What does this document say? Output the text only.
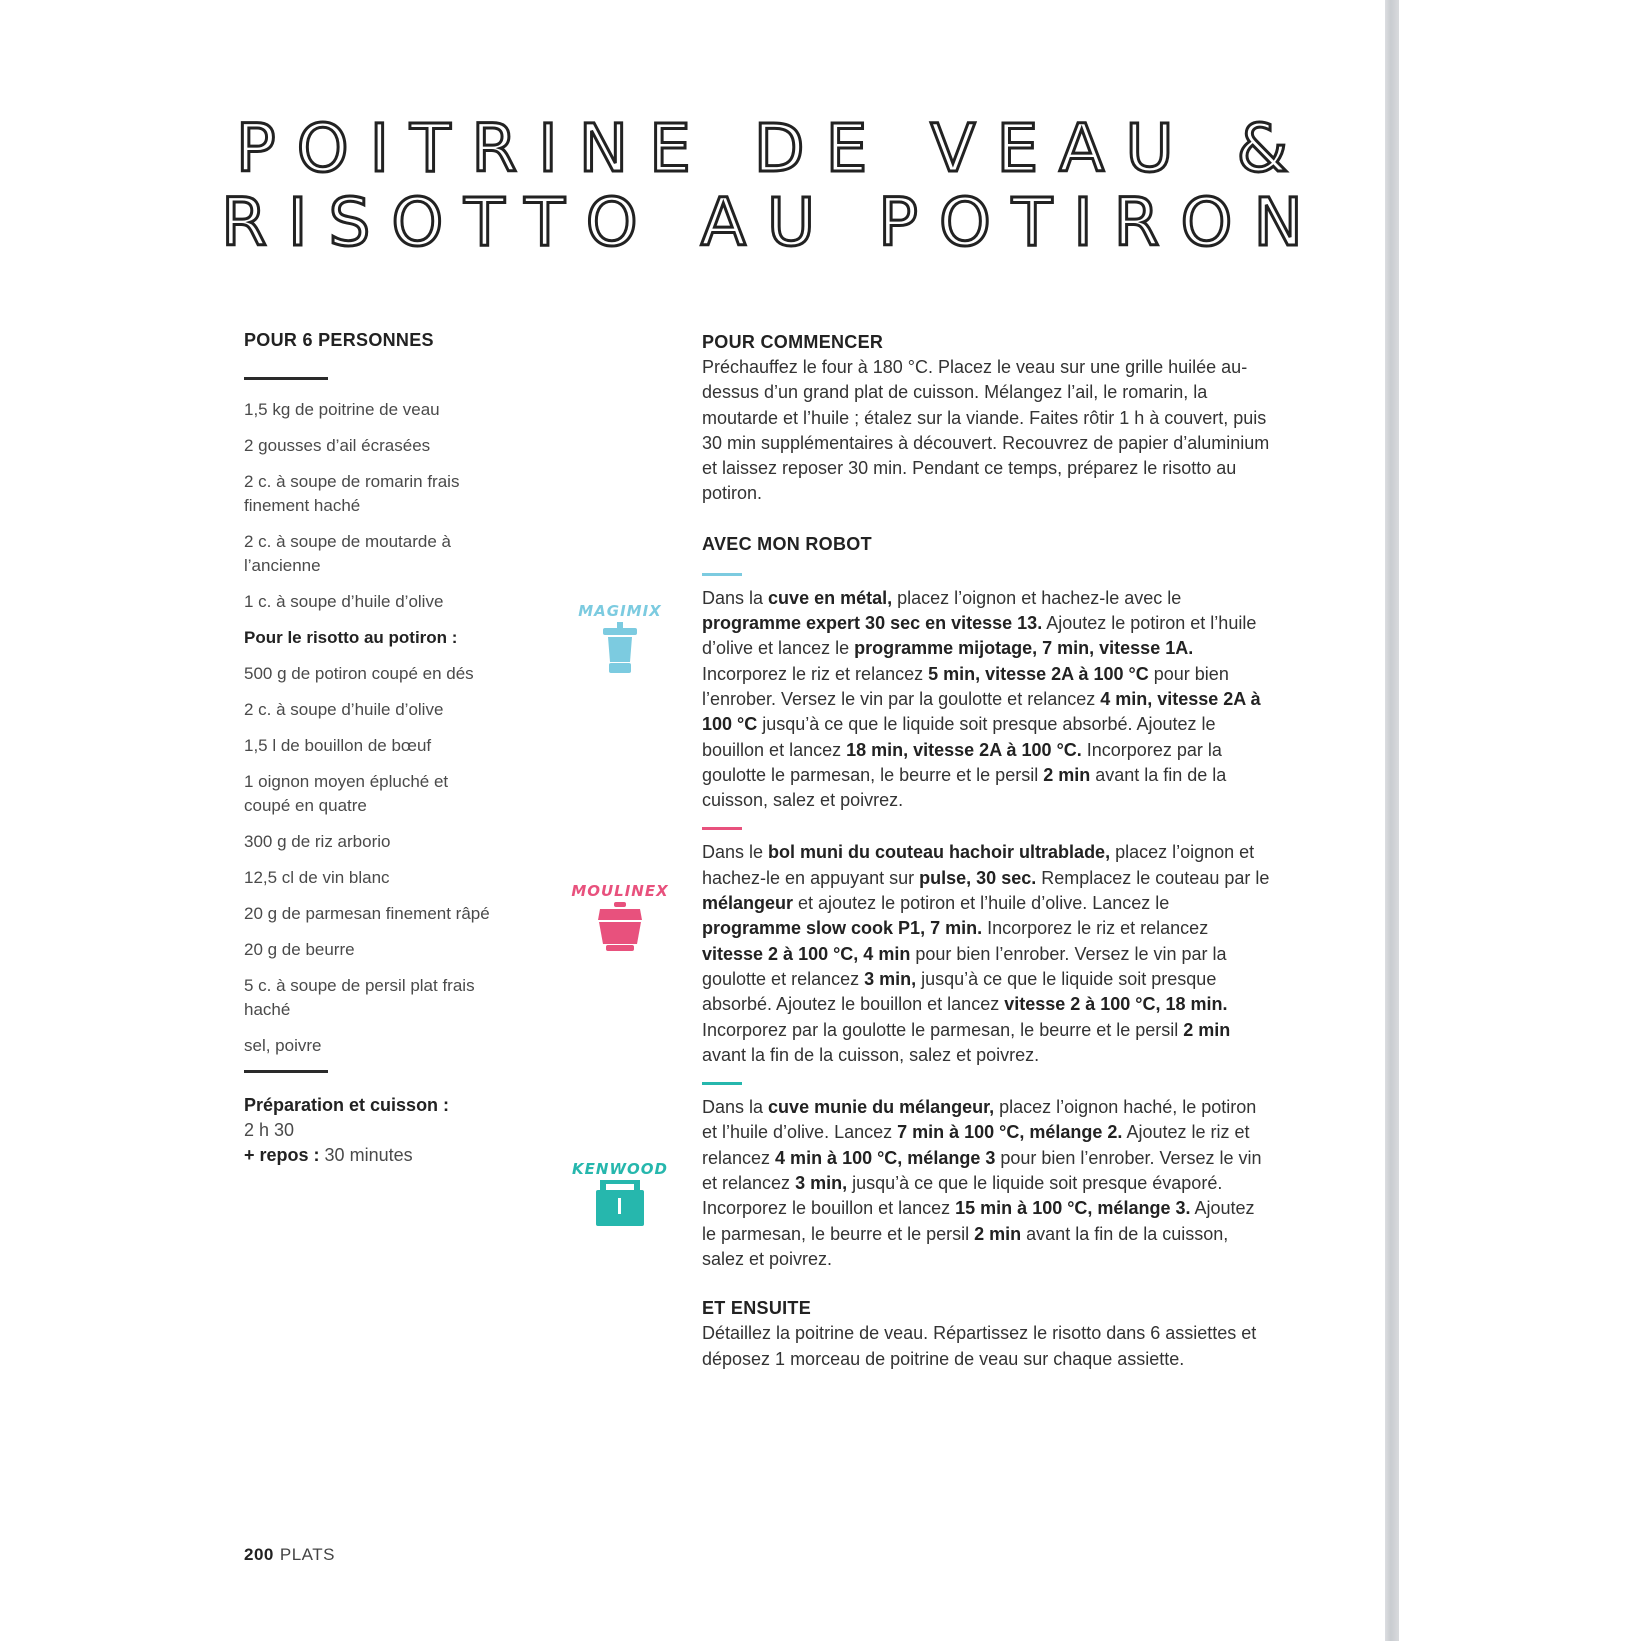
POITRINE DE VEAU &
RISOTTO AU POTIRON

POUR 6 PERSONNES

1,5 kg de poitrine de veau
2 gousses d’ail écrasées
2 c. à soupe de romarin frais finement haché
2 c. à soupe de moutarde à l’ancienne
1 c. à soupe d’huile d’olive
Pour le risotto au potiron :
500 g de potiron coupé en dés
2 c. à soupe d’huile d’olive
1,5 l de bouillon de bœuf
1 oignon moyen épluché et coupé en quatre
300 g de riz arborio
12,5 cl de vin blanc
20 g de parmesan finement râpé
20 g de beurre
5 c. à soupe de persil plat frais haché
sel, poivre
Préparation et cuisson :
2 h 30
+ repos : 30 minutes
MAGIMIX
MOULINEX
KENWOOD

POUR COMMENCER

Préchauffez le four à 180 °C. Placez le veau sur une grille huilée au-dessus d’un grand plat de cuisson. Mélangez l’ail, le romarin, la moutarde et l’huile ; étalez sur la viande. Faites rôtir 1 h à couvert, puis 30 min supplémentaires à découvert. Recouvrez de papier d’aluminium et laissez reposer 30 min. Pendant ce temps, préparez le risotto au potiron.

AVEC MON ROBOT

Dans la cuve en métal, placez l’oignon et hachez-le avec le programme expert 30 sec en vitesse 13. Ajoutez le potiron et l’huile d’olive et lancez le programme mijotage, 7 min, vitesse 1A. Incorporez le riz et relancez 5 min, vitesse 2A à 100 °C pour bien l’enrober. Versez le vin par la goulotte et relancez 4 min, vitesse 2A à 100 °C jusqu’à ce que le liquide soit presque absorbé. Ajoutez le bouillon et lancez 18 min, vitesse 2A à 100 °C. Incorporez par la goulotte le parmesan, le beurre et le persil 2 min avant la fin de la cuisson, salez et poivrez.

Dans le bol muni du couteau hachoir ultrablade, placez l’oignon et hachez-le en appuyant sur pulse, 30 sec. Remplacez le couteau par le mélangeur et ajoutez le potiron et l’huile d’olive. Lancez le programme slow cook P1, 7 min. Incorporez le riz et relancez vitesse 2 à 100 °C, 4 min pour bien l’enrober. Versez le vin par la goulotte et relancez 3 min, jusqu’à ce que le liquide soit presque absorbé. Ajoutez le bouillon et lancez vitesse 2 à 100 °C, 18 min. Incorporez par la goulotte le parmesan, le beurre et le persil 2 min avant la fin de la cuisson, salez et poivrez.

Dans la cuve munie du mélangeur, placez l’oignon haché, le potiron et l’huile d’olive. Lancez 7 min à 100 °C, mélange 2. Ajoutez le riz et relancez 4 min à 100 °C, mélange 3 pour bien l’enrober. Versez le vin et relancez 3 min, jusqu’à ce que le liquide soit presque évaporé. Incorporez le bouillon et lancez 15 min à 100 °C, mélange 3. Ajoutez le parmesan, le beurre et le persil 2 min avant la fin de la cuisson, salez et poivrez.

ET ENSUITE

Détaillez la poitrine de veau. Répartissez le risotto dans 6 assiettes et déposez 1 morceau de poitrine de veau sur chaque assiette.

200 PLATS
